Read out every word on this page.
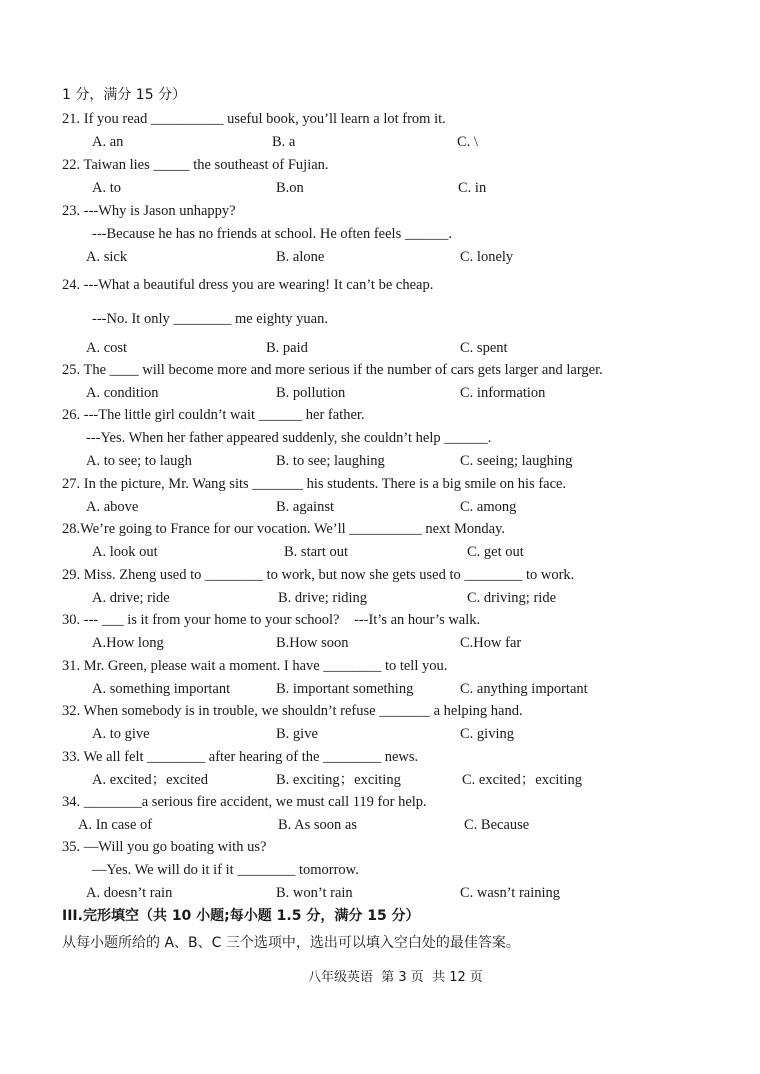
1 分，满分 15 分）
21. If you read __________ useful book, you’ll learn a lot from it.
A. an	B. a	C. \
22. Taiwan lies _____ the southeast of Fujian.
A. to	B.on	C. in
23. ---Why is Jason unhappy?
---Because he has no friends at school. He often feels ______.
A. sick	B. alone	C. lonely
24. ---What a beautiful dress you are wearing! It can’t be cheap.
---No. It only ________ me eighty yuan.
A. cost	B. paid	C. spent
25. The ____ will become more and more serious if the number of cars gets larger and larger.
A. condition	B. pollution	C. information
26. ---The little girl couldn’t wait ______ her father.
---Yes. When her father appeared suddenly, she couldn’t help ______.
A. to see; to laugh	B. to see; laughing	C. seeing; laughing
27. In the picture, Mr. Wang sits _______ his students. There is a big smile on his face.
A. above	B. against	C. among
28.We’re going to France for our vocation. We’ll __________ next Monday.
A. look out	B. start out	C. get out
29. Miss. Zheng used to ________ to work, but now she gets used to ________ to work.
A. drive; ride	B. drive; riding	C. driving; ride
30. --- ___ is it from your home to your school?    ---It’s an hour’s walk.
A.How long	B.How soon	C.How far
31. Mr. Green, please wait a moment. I have ________ to tell you.
A. something important	B. important something	C. anything important
32. When somebody is in trouble, we shouldn’t refuse _______ a helping hand.
A. to give	B. give	C. giving
33. We all felt ________ after hearing of the ________ news.
A. excited；excited	B. exciting；exciting	C. excited；exciting
34. ________a serious fire accident, we must call 119 for help.
A. In case of	B. As soon as	C. Because
35. —Will you go boating with us?
—Yes. We will do it if it ________ tomorrow.
A. doesn’t rain	B. won’t rain	C. wasn’t raining
III.完形填空（共 10 小题;每小题 1.5 分，满分 15 分）
从每小题所给的 A、B、C 三个选项中，选出可以填入空白处的最佳答案。
八年级英语  第 3 页  共 12 页
